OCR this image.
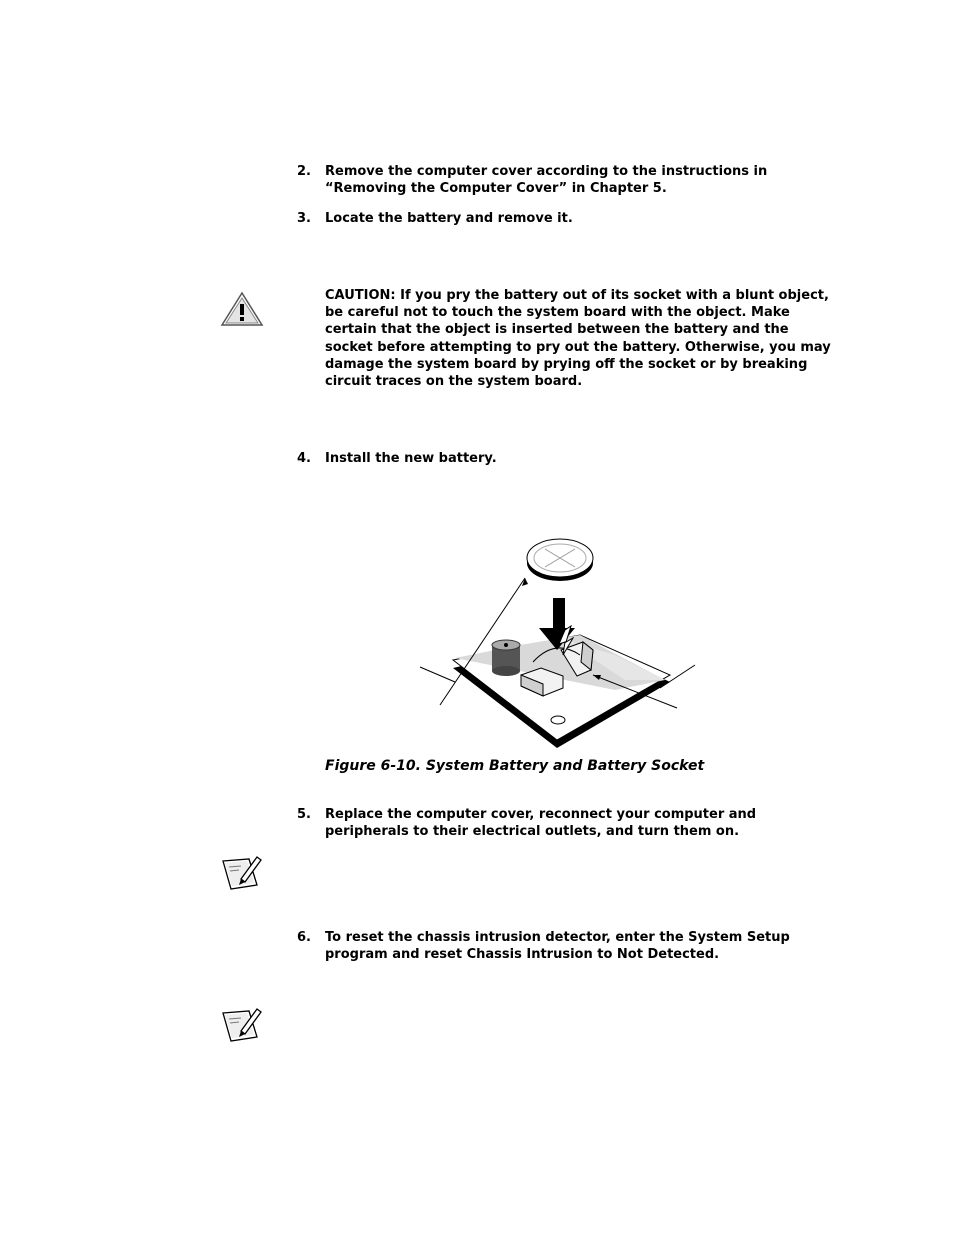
2.	Remove the computer cover according to the instructions in “Removing the Computer Cover” in Chapter 5.
3.	Locate the battery and remove it.
CAUTION: If you pry the battery out of its socket with a blunt object, be careful not to touch the system board with the object. Make certain that the object is inserted between the battery and the socket before attempting to pry out the battery. Otherwise, you may damage the system board by prying off the socket or by breaking circuit traces on the system board.
4.	Install the new battery.
Figure 6-10. System Battery and Battery Socket
5.	Replace the computer cover, reconnect your computer and peripherals to their electrical outlets, and turn them on.
6.	To reset the chassis intrusion detector, enter the System Setup program and reset Chassis Intrusion to Not Detected.
